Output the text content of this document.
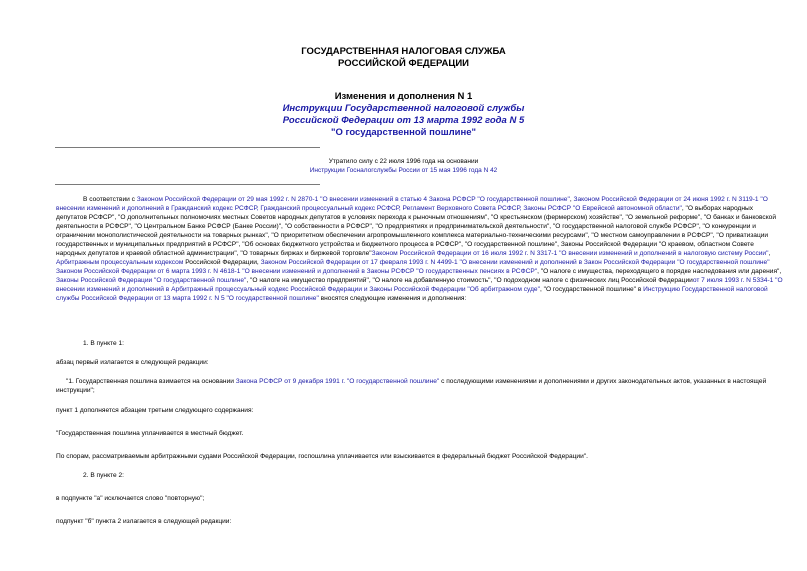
ГОСУДАРСТВЕННАЯ НАЛОГОВАЯ СЛУЖБА
РОССИЙСКОЙ ФЕДЕРАЦИИ
Изменения и дополнения N 1
Инструкции Государственной налоговой службы
Российской Федерации от 13 марта 1992 года N 5
"О государственной пошлине"
Утратило силу с 22 июля 1996 года на основании
Инструкции Госналогслужбы России от 15 мая 1996 года N 42
В соответствии с Законом Российской Федерации от 29 мая 1992 г. N 2870-1 "О внесении изменений в статью 4 Закона РСФСР "О государственной пошлине", Законом Российской Федерации от 24 июня 1992 г. N 3119-1 "О внесении изменений и дополнений в Гражданский кодекс РСФСР, Гражданский процессуальный кодекс РСФСР, Регламент Верховного Совета РСФСР, Законы РСФСР "О Еврейской автономной области", "О выборах народных депутатов РСФСР", "О дополнительных полномочиях местных Советов народных депутатов в условиях перехода к рыночным отношениям", "О крестьянском (фермерском) хозяйстве", "О земельной реформе", "О банках и банковской деятельности в РСФСР", "О Центральном Банке РСФСР (Банке России)", "О собственности в РСФСР", "О предприятиях и предпринимательской деятельности", "О государственной налоговой службе РСФСР", "О конкуренции и ограничении монополистической деятельности на товарных рынках", "О приоритетном обеспечении агропромышленного комплекса материально-техническими ресурсами", "О местном самоуправлении в РСФСР", "О приватизации государственных и муниципальных предприятий в РСФСР", "Об основах бюджетного устройства и бюджетного процесса в РСФСР", "О государственной пошлине", Законы Российской Федерации "О краевом, областном Совете народных депутатов и краевой областной администрации", "О товарных биржах и биржевой торговле"Законом Российской Федерации от 16 июля 1992 г. N 3317-1 "О внесении изменений и дополнений в налоговую систему России", Арбитражным процессуальным кодексом Российской Федерации, Законом Российской Федерации от 17 февраля 1993 г. N 4499-1 "О внесении изменений и дополнений в Закон Российской Федерации "О государственной пошлине" Законом Российской Федерации от 6 марта 1993 г. N 4618-1 "О внесении изменений и дополнений в Законы РСФСР "О государственных пенсиях в РСФСР", "О налоге с имущества, переходящего в порядке наследования или дарения", Законы Российской Федерации "О государственной пошлине", "О налоге на имущество предприятий", "О налоге на добавленную стоимость", "О подоходном налоге с физических лиц Российской Федерацииот 7 июля 1993 г. N 5334-1 "О внесении изменений и дополнений в Арбитражный процессуальный кодекс Российской Федерации и Законы Российской Федерации "Об арбитражном суде", "О государственной пошлине" в Инструкцию Государственной налоговой службы Российской Федерации от 13 марта 1992 г. N 5 "О государственной пошлине" вносятся следующие изменения и дополнения:
1. В пункте 1:
абзац первый излагается в следующей редакции:
"1. Государственная пошлина взимается на основании Закона РСФСР от 9 декабря 1991 г. "О государственной пошлине" с последующими изменениями и дополнениями и других законодательных актов, указанных в настоящей инструкции";
пункт 1 дополняется абзацем третьим следующего содержания:
"Государственная пошлина уплачивается в местный бюджет.
По спорам, рассматриваемым арбитражными судами Российской Федерации, госпошлина уплачивается или взыскивается в федеральный бюджет Российской Федерации".
2. В пункте 2:
в подпункте "а" исключается слово "повторную";
подпункт "б" пункта 2 излагается в следующей редакции:
